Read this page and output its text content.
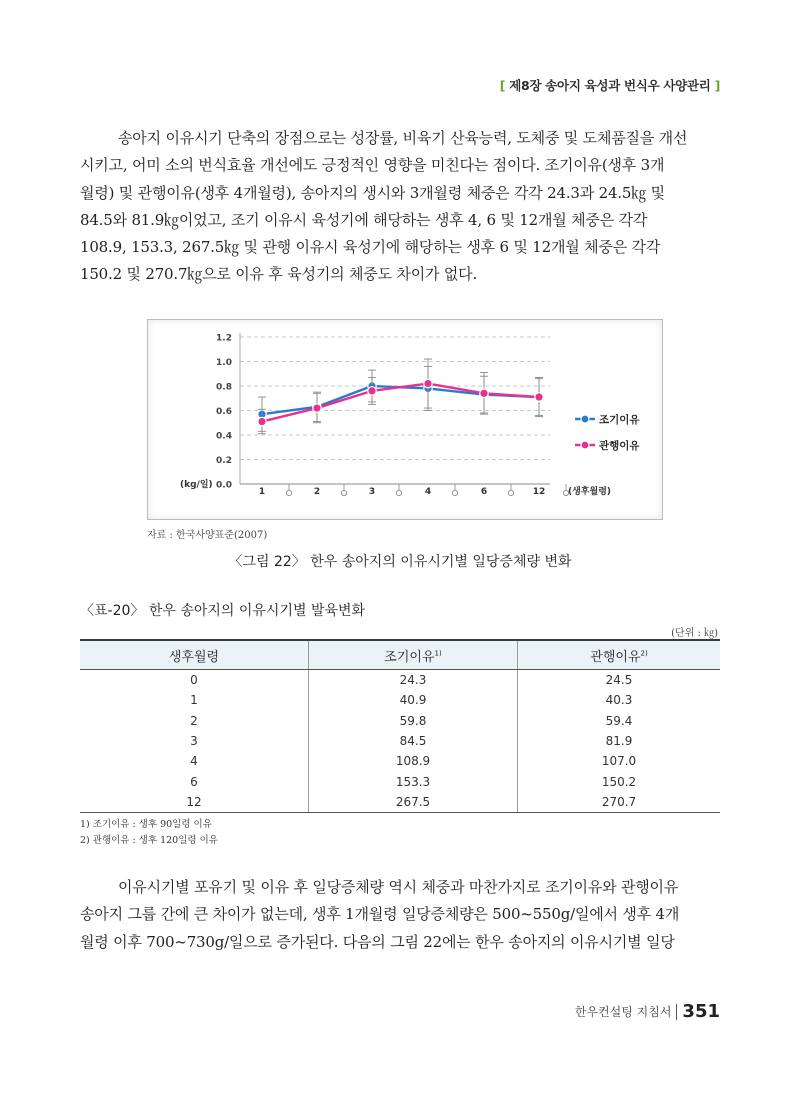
[ 제8장 송아지 육성과 번식우 사양관리 ]

송아지 이유시기 단축의 장점으로는 성장률, 비육기 산육능력, 도체중 및 도체품질을 개선

시키고, 어미 소의 번식효율 개선에도 긍정적인 영향을 미친다는 점이다. 조기이유(생후 3개

월령) 및 관행이유(생후 4개월령), 송아지의 생시와 3개월령 체중은 각각 24.3과 24.5㎏ 및

84.5와 81.9㎏이었고, 조기 이유시 육성기에 해당하는 생후 4, 6 및 12개월 체중은 각각

108.9, 153.3, 267.5㎏ 및 관행 이유시 육성기에 해당하는 생후 6 및 12개월 체중은 각각

150.2 및 270.7㎏으로 이유 후 육성기의 체중도 차이가 없다.

0.0
0.2
0.4
0.6
0.8
1.0
1.2
(kg/일)
1	2	3	4	6	12	(생후월령)
조기이유
관행이유
자료 : 한국사양표준(2007)
〈그림 22〉 한우 송아지의 이유시기별 일당증체량 변화
〈표-20〉 한우 송아지의 이유시기별 발육변화
(단위 : ㎏)
생후월령	조기이유$^{1)}$	관행이유$^{2)}$
0	24.3	24.5
1	40.9	40.3
2	59.8	59.4
3	84.5	81.9
4	108.9	107.0
6	153.3	150.2
12	267.5	270.7
1) 조기이유 : 생후 90일령 이유
2) 관행이유 : 생후 120일령 이유

이유시기별 포유기 및 이유 후 일당증체량 역시 체중과 마찬가지로 조기이유와 관행이유

송아지 그룹 간에 큰 차이가 없는데, 생후 1개월령 일당증체량은 500~550g/일에서 생후 4개

월령 이후 700~730g/일으로 증가된다. 다음의 그림 22에는 한우 송아지의 이유시기별 일당

한우컨설팅 지침서 351
